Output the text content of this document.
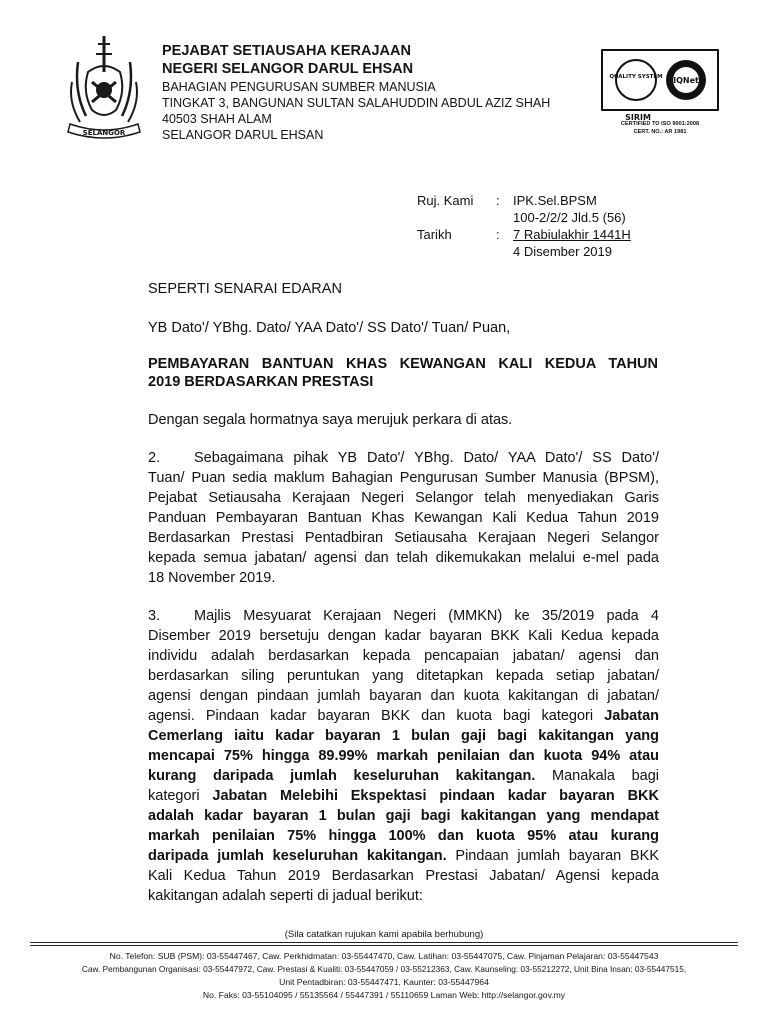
SELANGOR
PEJABAT SETIAUSAHA KERAJAAN
NEGERI SELANGOR DARUL EHSAN
BAHAGIAN PENGURUSAN SUMBER MANUSIA
TINGKAT 3, BANGUNAN SULTAN SALAHUDDIN ABDUL AZIZ SHAH
40503 SHAH ALAM
SELANGOR DARUL EHSAN
QUALITY SYSTEM IQNet
SIRIM
CERTIFIED TO ISO 9001:2008
CERT. NO.: AR 1981
Ruj. Kami : IPK.Sel.BPSM
100-2/2/2 Jld.5 (56)
Tarikh	: 7 Rabiulakhir 1441H
4 Disember 2019
SEPERTI SENARAI EDARAN
YB Dato'/ YBhg. Dato/ YAA Dato'/ SS Dato'/ Tuan/ Puan,
PEMBAYARAN BANTUAN KHAS KEWANGAN KALI KEDUA TAHUN
2019 BERDASARKAN PRESTASI
Dengan segala hormatnya saya merujuk perkara di atas.
2. Sebagaimana pihak YB Dato'/ YBhg. Dato/ YAA Dato'/ SS Dato'/
Tuan/ Puan sedia maklum Bahagian Pengurusan Sumber Manusia (BPSM),
Pejabat Setiausaha Kerajaan Negeri Selangor telah menyediakan Garis
Panduan Pembayaran Bantuan Khas Kewangan Kali Kedua Tahun 2019
Berdasarkan Prestasi Pentadbiran Setiausaha Kerajaan Negeri Selangor
kepada semua jabatan/ agensi dan telah dikemukakan melalui e-mel pada
18 November 2019.
3. Majlis Mesyuarat Kerajaan Negeri (MMKN) ke 35/2019 pada 4
Disember 2019 bersetuju dengan kadar bayaran BKK Kali Kedua kepada
individu adalah berdasarkan kepada pencapaian jabatan/ agensi dan
berdasarkan siling peruntukan yang ditetapkan kepada setiap jabatan/
agensi dengan pindaan jumlah bayaran dan kuota kakitangan di jabatan/
agensi. Pindaan kadar bayaran BKK dan kuota bagi kategori Jabatan
Cemerlang iaitu kadar bayaran 1 bulan gaji bagi kakitangan yang
mencapai 75% hingga 89.99% markah penilaian dan kuota 94% atau
kurang daripada jumlah keseluruhan kakitangan. Manakala bagi
kategori Jabatan Melebihi Ekspektasi pindaan kadar bayaran BKK
adalah kadar bayaran 1 bulan gaji bagi kakitangan yang mendapat
markah penilaian 75% hingga 100% dan kuota 95% atau kurang
daripada jumlah keseluruhan kakitangan. Pindaan jumlah bayaran BKK
Kali Kedua Tahun 2019 Berdasarkan Prestasi Jabatan/ Agensi kepada
kakitangan adalah seperti di jadual berikut:
(Sila catatkan rujukan kami apabila berhubung)
No. Telefon: SUB (PSM): 03-55447467, Caw. Perkhidmatan: 03-55447470, Caw. Latihan: 03-55447075, Caw. Pinjaman Pelajaran: 03-55447543
Caw. Pembangunan Organisasi: 03-55447972, Caw. Prestasi & Kualiti: 03-55447059 / 03-55212363, Caw. Kaunseling: 03-55212272, Unit Bina Insan: 03-55447515,
Unit Pentadbiran: 03-55447471, Kaunter: 03-55447964
No. Faks: 03-55104095 / 55135564 / 55447391 / 55110659 Laman Web: http://selangor.gov.my
